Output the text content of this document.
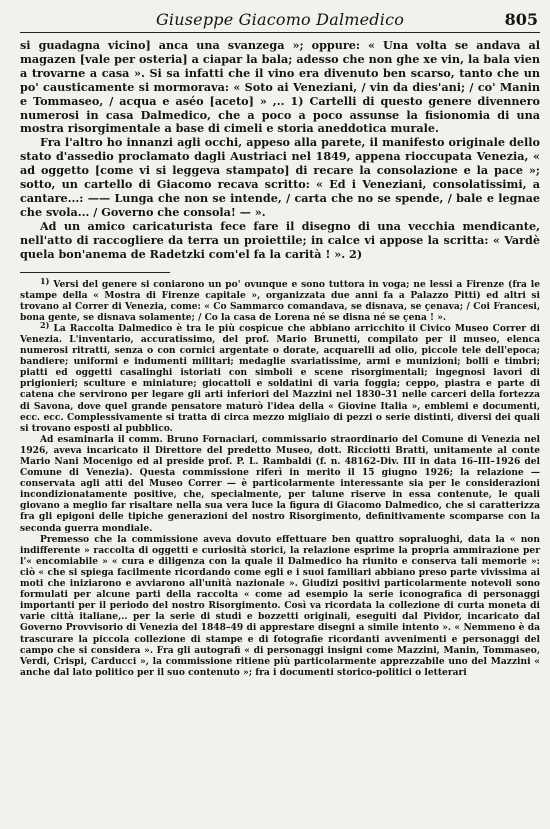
Giuseppe Giacomo Dalmedico	805

si guadagna vicino] anca una svanzega »; oppure: « Una volta se andava al magazen [vale per osteria] a ciapar la bala; adesso che non ghe xe vin, la bala vien a trovarne a casa ». Si sa infatti che il vino era divenuto ben scarso, tanto che un po' causticamente si mormorava: « Soto ai Veneziani, / vin da dies'ani; / co' Manin e Tommaseo, / acqua e aséo [aceto] » ,.. 1) Cartelli di questo genere divennero numerosi in casa Dalmedico, che a poco a poco assunse la fisionomia di una mostra risorgimentale a base di cimeli e storia aneddotica murale.

Fra l'altro ho innanzi agli occhi, appeso alla parete, il manifesto originale dello stato d'assedio proclamato dagli Austriaci nel 1849, appena rioccupata Venezia, « ad oggetto [come vi si leggeva stampato] di recare la consolazione e la pace »; sotto, un cartello di Giacomo recava scritto: « Ed i Veneziani, consolatissimi, a cantare...: —— Lunga che non se intende, / carta che no se spende, / bale e legnae che svola... / Governo che consola! — ».

Ad un amico caricaturista fece fare il disegno di una vecchia mendicante, nell'atto di raccogliere da terra un proiettile; in calce vi appose la scritta: « Vardè quela bon'anema de Radetzki com'el fa la carità ! ». 2)

1) Versi del genere si coniarono un po' ovunque e sono tuttora in voga; ne lessi a Firenze (fra le stampe della « Mostra di Firenze capitale », organizzata due anni fa a Palazzo Pitti) ed altri si trovano al Correr di Venezia, come: « Co Sammarco comandava, se disnava, se çenava; / Coi Francesi, bona gente, se disnava solamente; / Co la casa de Lorena né se disna né se çena ! ».

2) La Raccolta Dalmedico è tra le più cospicue che abbiano arricchito il Civico Museo Correr di Venezia. L'inventario, accuratissimo, del prof. Mario Brunetti, compilato per il museo, elenca numerosi ritratti, senza o con cornici argentate o dorate, acquarelli ad olio, piccole tele dell'epoca; bandiere; uniformi e indumenti militari; medaglie svariatissime, armi e munizioni; bolli e timbri; piatti ed oggetti casalinghi istoriati con simboli e scene risorgimentali; ingegnosi lavori di prigionieri; sculture e miniature; giocattoli e soldatini di varia foggia; ceppo, piastra e parte di catena che servirono per legare gli arti inferiori del Mazzini nel 1830–31 nelle carceri della fortezza di Savona, dove quel grande pensatore maturò l'idea della « Giovine Italia », emblemi e documenti, ecc. ecc. Complessivamente si tratta di circa mezzo migliaio di pezzi o serie distinti, diversi dei quali si trovano esposti al pubblico.

Ad esaminarla il comm. Bruno Fornaciari, commissario straordinario del Comune di Venezia nel 1926, aveva incaricato il Direttore del predetto Museo, dott. Ricciotti Bratti, unitamente al conte Mario Nani Mocenigo ed al preside prof. P. L. Rambaldi (f. n. 48162-Div. III in data 16–III–1926 del Comune di Venezia). Questa commissione riferì in merito il 15 giugno 1926; la relazione — conservata agli atti del Museo Correr — è particolarmente interessante sia per le considerazioni incondizionatamente positive, che, specialmente, per talune riserve in essa contenute, le quali giovano a meglio far risaltare nella sua vera luce la figura di Giacomo Dalmedico, che si caratterizza fra gli epigoni delle tipiche generazioni del nostro Risorgimento, definitivamente scomparse con la seconda guerra mondiale.

Premesso che la commissione aveva dovuto effettuare ben quattro sopraluoghi, data la « non indifferente » raccolta di oggetti e curiosità storici, la relazione esprime la propria ammirazione per l'« encomiabile » « cura e diligenza con la quale il Dalmedico ha riunito e conserva tali memorie »: ciò « che si spiega facilmente ricordando come egli e i suoi familiari abbiano preso parte vivissima ai moti che iniziarono e avviarono all'unità nazionale ». Giudizi positivi particolarmente notevoli sono formulati per alcune parti della raccolta « come ad esempio la serie iconografica di personaggi importanti per il periodo del nostro Risorgimento. Così va ricordata la collezione di curta moneta di varie città italiane,.. per la serie di studi e bozzetti originali, eseguiti dal Pividor, incaricato dal Governo Provvisorio di Venezia del 1848–49 di apprestare disegni a simile intento ». « Nemmeno è da trascurare la piccola collezione di stampe e di fotografie ricordanti avvenimenti e personaggi del campo che si considera ». Fra gli autografi « di personaggi insigni come Mazzini, Manin, Tommaseo, Verdi, Crispi, Carducci », la commissione ritiene più particolarmente apprezzabile uno del Mazzini « anche dal lato politico per il suo contenuto »; fra i documenti storico-politici o letterari
